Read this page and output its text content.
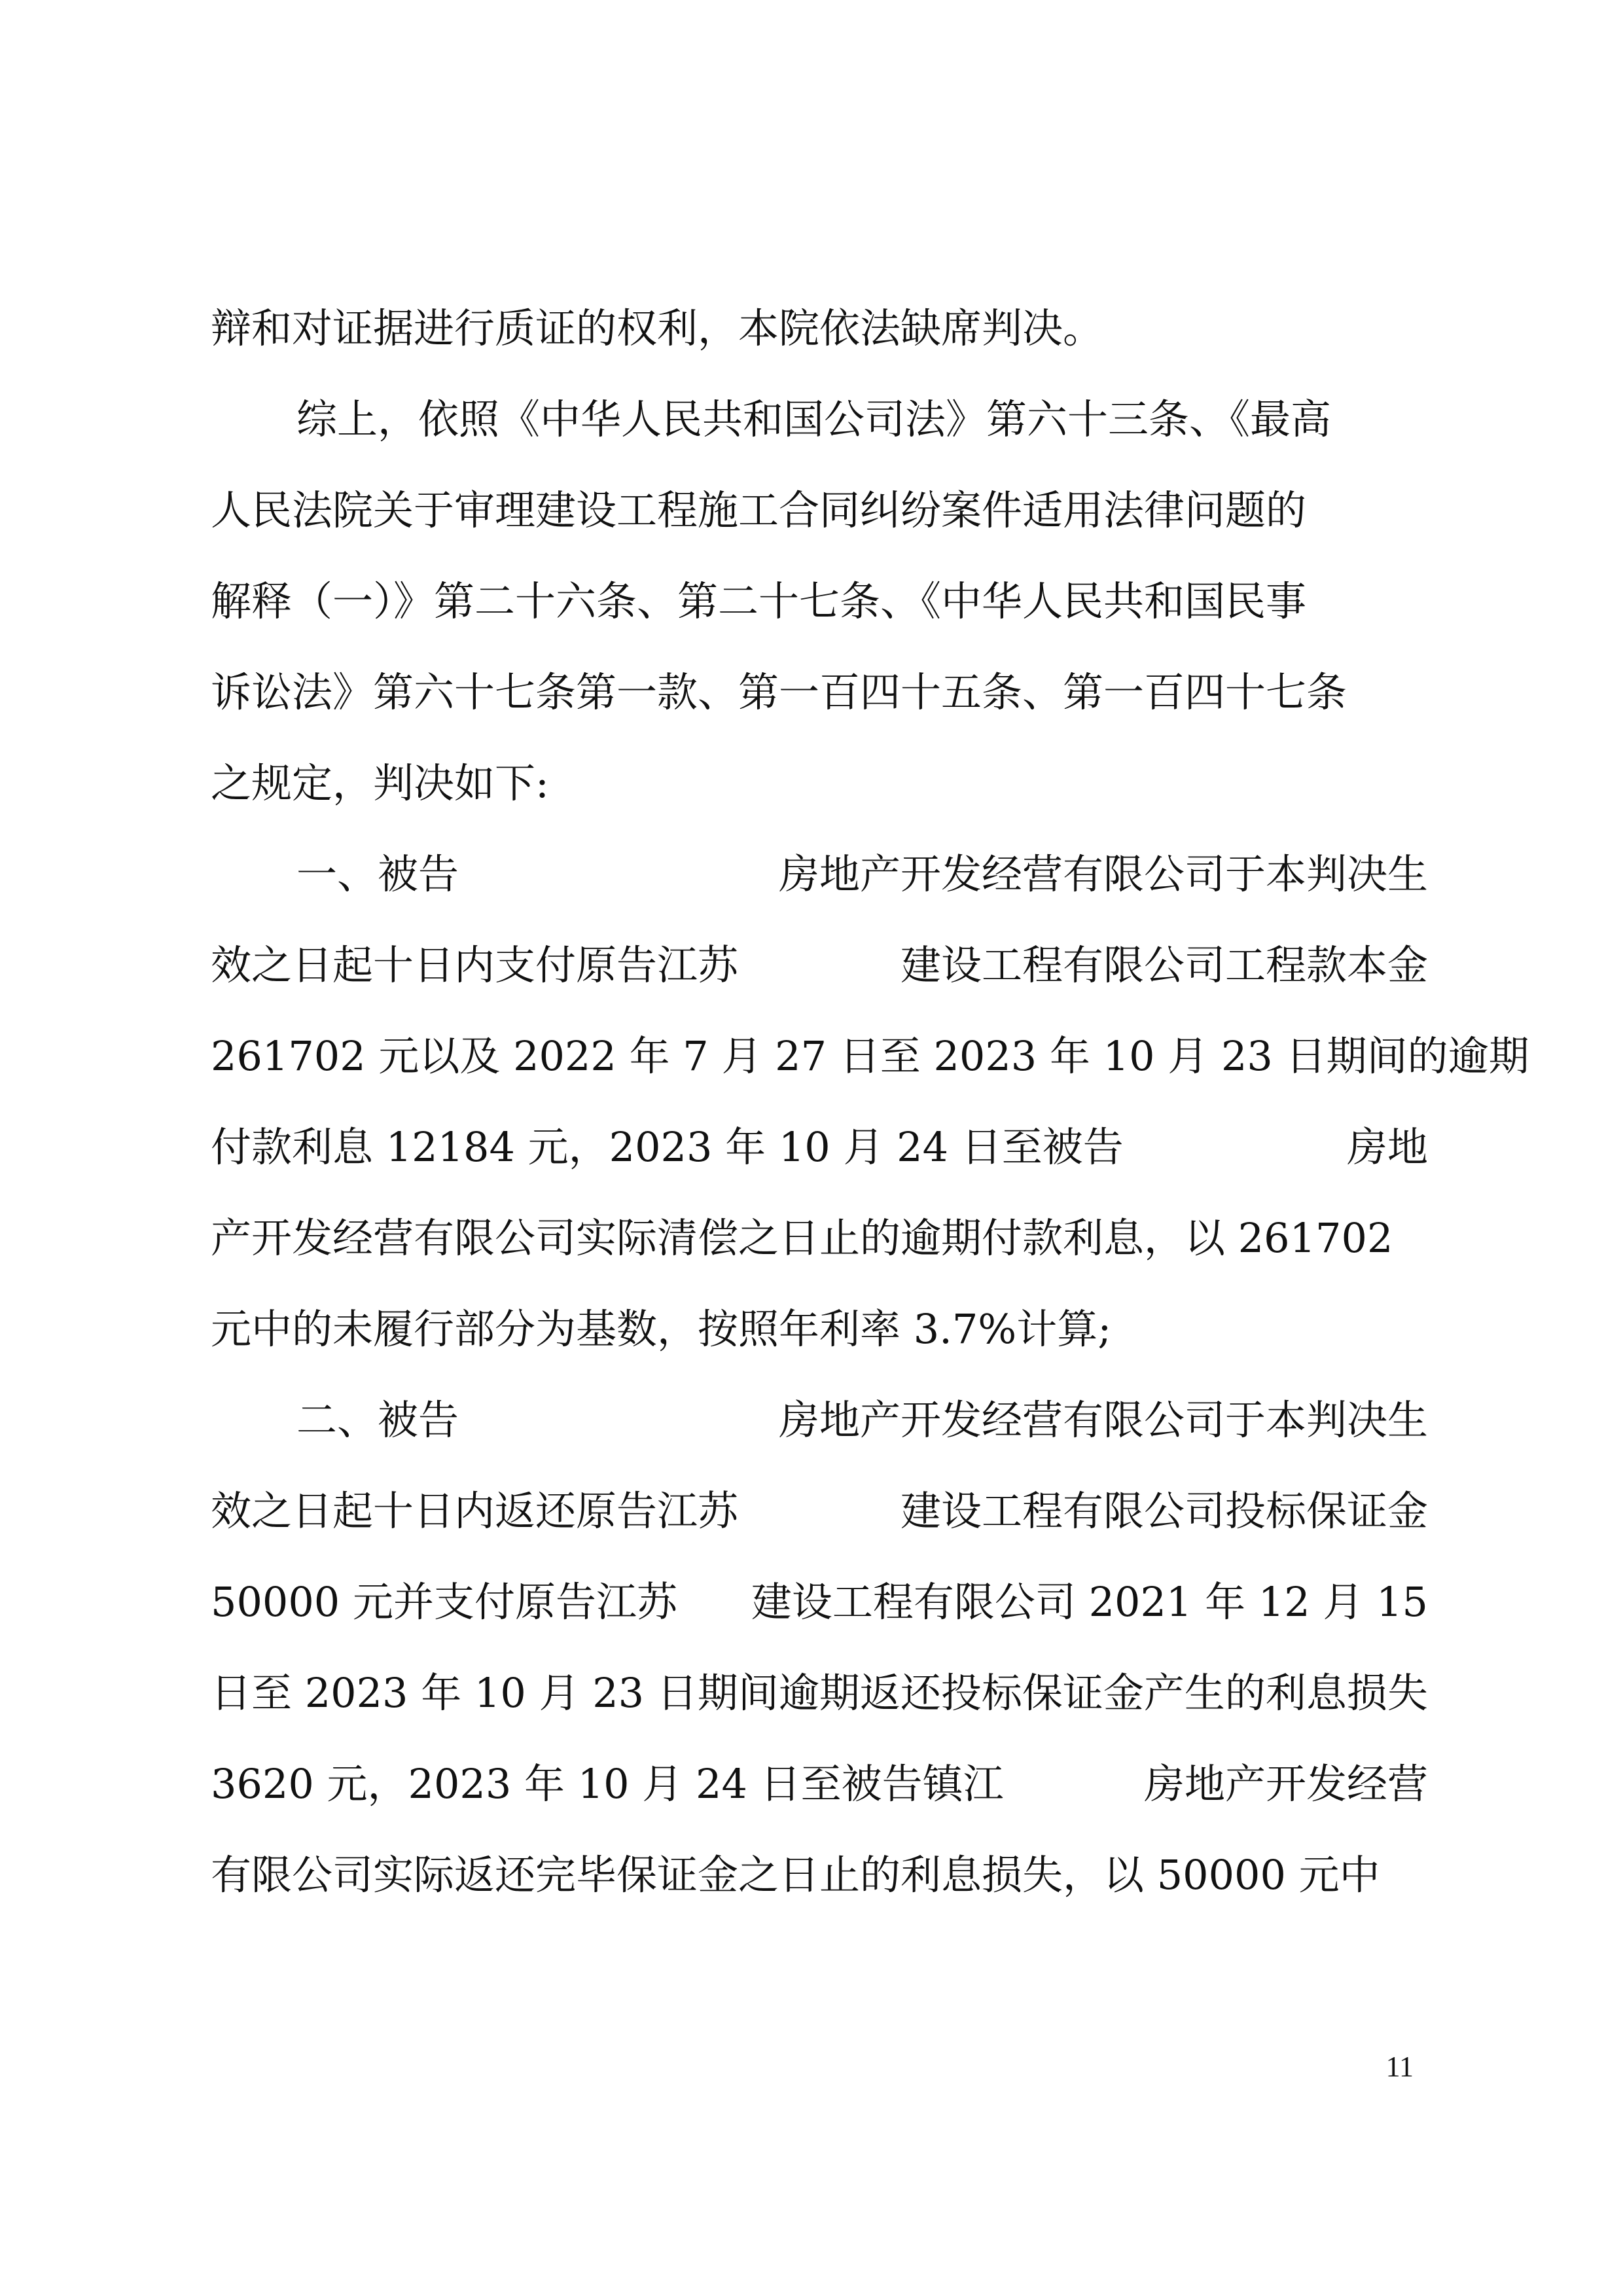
辩和对证据进行质证的权利，本院依法缺席判决。
综上，依照《中华人民共和国公司法》第六十三条、《最高
人民法院关于审理建设工程施工合同纠纷案件适用法律问题的
解释（一）》第二十六条、第二十七条、《中华人民共和国民事
诉讼法》第六十七条第一款、第一百四十五条、第一百四十七条
之规定，判决如下:
一、被告	房地产开发经营有限公司于本判决生
效之日起十日内支付原告江苏	建设工程有限公司工程款本金
261702 元以及 2022 年 7 月 27 日至 2023 年 10 月 23 日期间的逾期
付款利息 12184 元，2023 年 10 月 24 日至被告	房地
产开发经营有限公司实际清偿之日止的逾期付款利息，以 261702
元中的未履行部分为基数，按照年利率 3.7%计算;
二、被告	房地产开发经营有限公司于本判决生
效之日起十日内返还原告江苏	建设工程有限公司投标保证金
50000 元并支付原告江苏 建设工程有限公司 2021 年 12 月 15
日至 2023 年 10 月 23 日期间逾期返还投标保证金产生的利息损失
3620 元，2023 年 10 月 24 日至被告镇江	房地产开发经营
有限公司实际返还完毕保证金之日止的利息损失，以 50000 元中
11
